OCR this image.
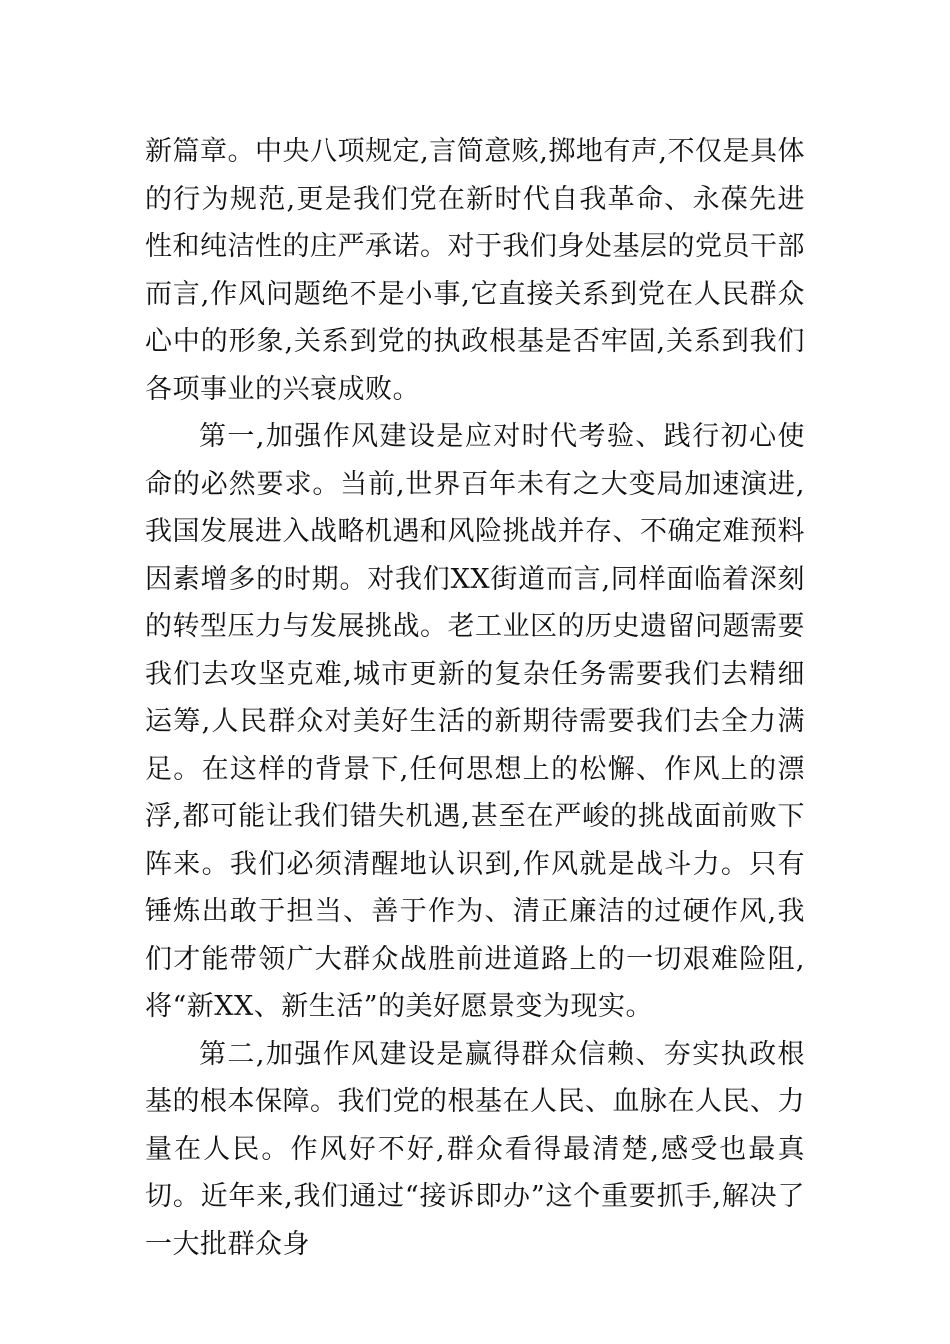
新篇章。中央八项规定,言简意赅,掷地有声,不仅是具体的行为规范,更是我们党在新时代自我革命、永葆先进性和纯洁性的庄严承诺。对于我们身处基层的党员干部而言,作风问题绝不是小事,它直接关系到党在人民群众心中的形象,关系到党的执政根基是否牢固,关系到我们各项事业的兴衰成败。

第一,加强作风建设是应对时代考验、践行初心使命的必然要求。当前,世界百年未有之大变局加速演进,我国发展进入战略机遇和风险挑战并存、不确定难预料因素增多的时期。对我们XX街道而言,同样面临着深刻的转型压力与发展挑战。老工业区的历史遗留问题需要我们去攻坚克难,城市更新的复杂任务需要我们去精细运筹,人民群众对美好生活的新期待需要我们去全力满足。在这样的背景下,任何思想上的松懈、作风上的漂浮,都可能让我们错失机遇,甚至在严峻的挑战面前败下阵来。我们必须清醒地认识到,作风就是战斗力。只有锤炼出敢于担当、善于作为、清正廉洁的过硬作风,我们才能带领广大群众战胜前进道路上的一切艰难险阻,将“新XX、新生活”的美好愿景变为现实。

第二,加强作风建设是赢得群众信赖、夯实执政根基的根本保障。我们党的根基在人民、血脉在人民、力量在人民。作风好不好,群众看得最清楚,感受也最真切。近年来,我们通过“接诉即办”这个重要抓手,解决了一大批群众身
